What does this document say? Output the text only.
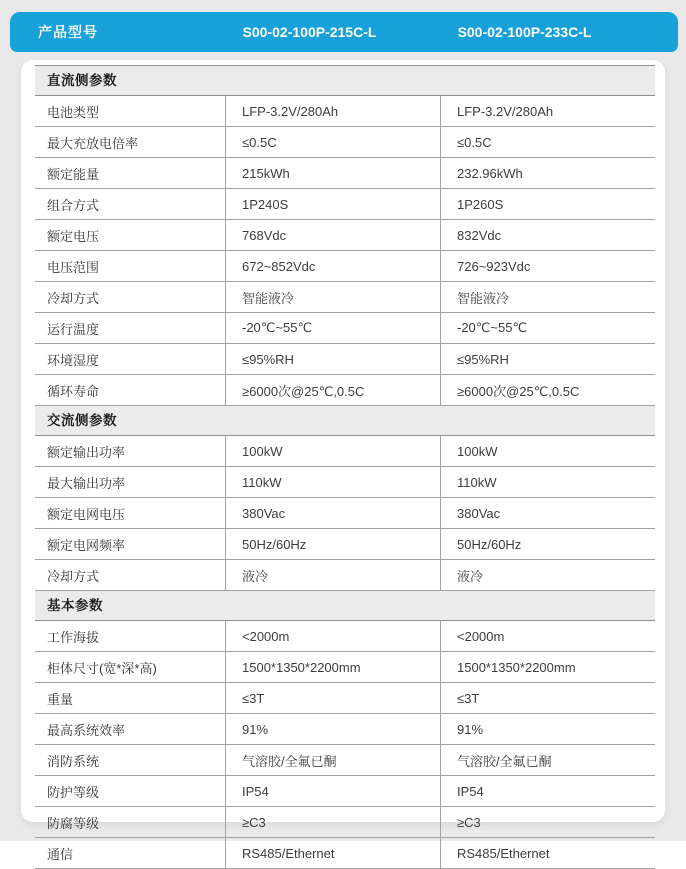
产品型号	S00-02-100P-215C-L	S00-02-100P-233C-L
直流侧参数
电池类型	LFP-3.2V/280Ah	LFP-3.2V/280Ah
最大充放电倍率	≤0.5C	≤0.5C
额定能量	215kWh	232.96kWh
组合方式	1P240S	1P260S
额定电压	768Vdc	832Vdc
电压范围	672~852Vdc	726~923Vdc
冷却方式	智能液冷	智能液冷
运行温度	-20℃~55℃	-20℃~55℃
环境湿度	≤95%RH	≤95%RH
循环寿命	≥6000次@25℃,0.5C	≥6000次@25℃,0.5C
交流侧参数
额定输出功率	100kW	100kW
最大输出功率	110kW	110kW
额定电网电压	380Vac	380Vac
额定电网频率	50Hz/60Hz	50Hz/60Hz
冷却方式	液冷	液冷
基本参数
工作海拔	<2000m	<2000m
柜体尺寸(宽*深*高)	1500*1350*2200mm	1500*1350*2200mm
重量	≤3T	≤3T
最高系统效率	91%	91%
消防系统	气溶胶/全氟已酮	气溶胶/全氟已酮
防护等级	IP54	IP54
防腐等级	≥C3	≥C3
通信	RS485/Ethernet	RS485/Ethernet
